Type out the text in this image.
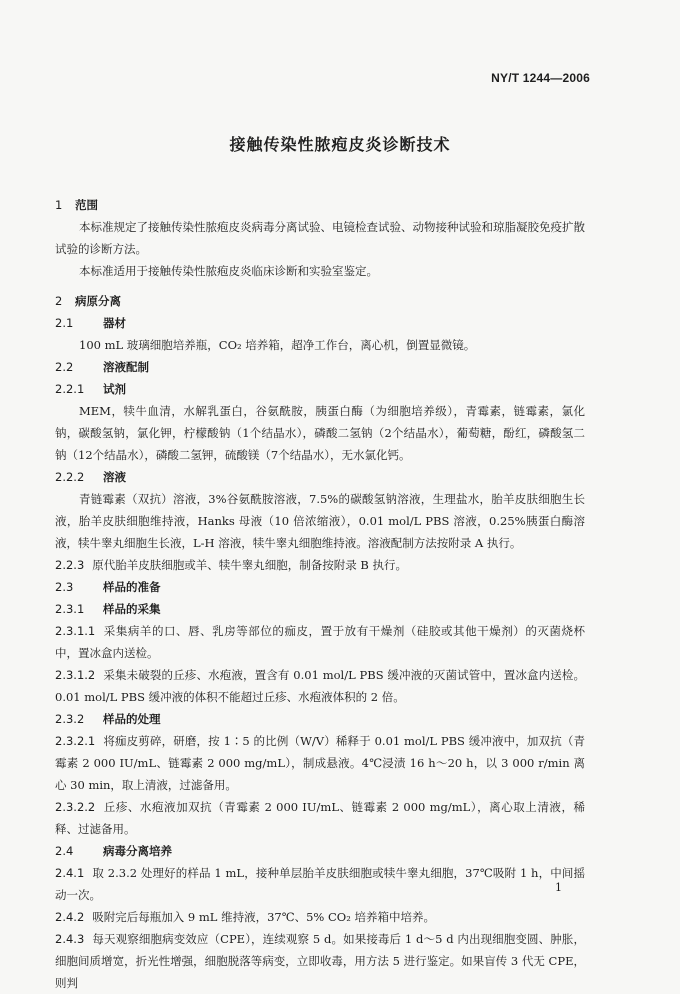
NY/T 1244—2006
接触传染性脓疱皮炎诊断技术
1 范围
本标准规定了接触传染性脓疱皮炎病毒分离试验、电镜检查试验、动物接种试验和琼脂凝胶免疫扩散试验的诊断方法。
本标准适用于接触传染性脓疱皮炎临床诊断和实验室鉴定。
2 病原分离
2.1	器材
100 mL 玻璃细胞培养瓶，CO₂ 培养箱，超净工作台，离心机，倒置显微镜。
2.2	溶液配制
2.2.1 试剂
MEM，犊牛血清，水解乳蛋白，谷氨酰胺，胰蛋白酶（为细胞培养级），青霉素，链霉素，氯化钠，碳酸氢钠，氯化钾，柠檬酸钠（1个结晶水），磷酸二氢钠（2个结晶水），葡萄糖，酚红，磷酸氢二钠（12个结晶水），磷酸二氢钾，硫酸镁（7个结晶水），无水氯化钙。
2.2.2 溶液
青链霉素（双抗）溶液，3%谷氨酰胺溶液，7.5%的碳酸氢钠溶液，生理盐水，胎羊皮肤细胞生长液，胎羊皮肤细胞维持液，Hanks 母液（10 倍浓缩液），0.01 mol/L PBS 溶液，0.25%胰蛋白酶溶液，犊牛睾丸细胞生长液，L-H 溶液，犊牛睾丸细胞维持液。溶液配制方法按附录 A 执行。
2.2.3 原代胎羊皮肤细胞或羊、犊牛睾丸细胞，制备按附录 B 执行。
2.3	样品的准备
2.3.1 样品的采集
2.3.1.1 采集病羊的口、唇、乳房等部位的痂皮，置于放有干燥剂（硅胶或其他干燥剂）的灭菌烧杯中，置冰盒内送检。
2.3.1.2 采集未破裂的丘疹、水疱液，置含有 0.01 mol/L PBS 缓冲液的灭菌试管中，置冰盒内送检。0.01 mol/L PBS 缓冲液的体积不能超过丘疹、水疱液体积的 2 倍。
2.3.2 样品的处理
2.3.2.1 将痂皮剪碎，研磨，按 1∶5 的比例（W/V）稀释于 0.01 mol/L PBS 缓冲液中，加双抗（青霉素 2 000 IU/mL、链霉素 2 000 mg/mL），制成悬液。4℃浸渍 16 h～20 h，以 3 000 r/min 离心 30 min，取上清液，过滤备用。
2.3.2.2 丘疹、水疱液加双抗（青霉素 2 000 IU/mL、链霉素 2 000 mg/mL），离心取上清液，稀释、过滤备用。
2.4	病毒分离培养
2.4.1 取 2.3.2 处理好的样品 1 mL，接种单层胎羊皮肤细胞或犊牛睾丸细胞，37℃吸附 1 h，中间摇动一次。
2.4.2 吸附完后每瓶加入 9 mL 维持液，37℃、5% CO₂ 培养箱中培养。
2.4.3 每天观察细胞病变效应（CPE），连续观察 5 d。如果接毒后 1 d～5 d 内出现细胞变圆、肿胀，细胞间质增宽，折光性增强，细胞脱落等病变，立即收毒，用方法 5 进行鉴定。如果盲传 3 代无 CPE，则判
1
